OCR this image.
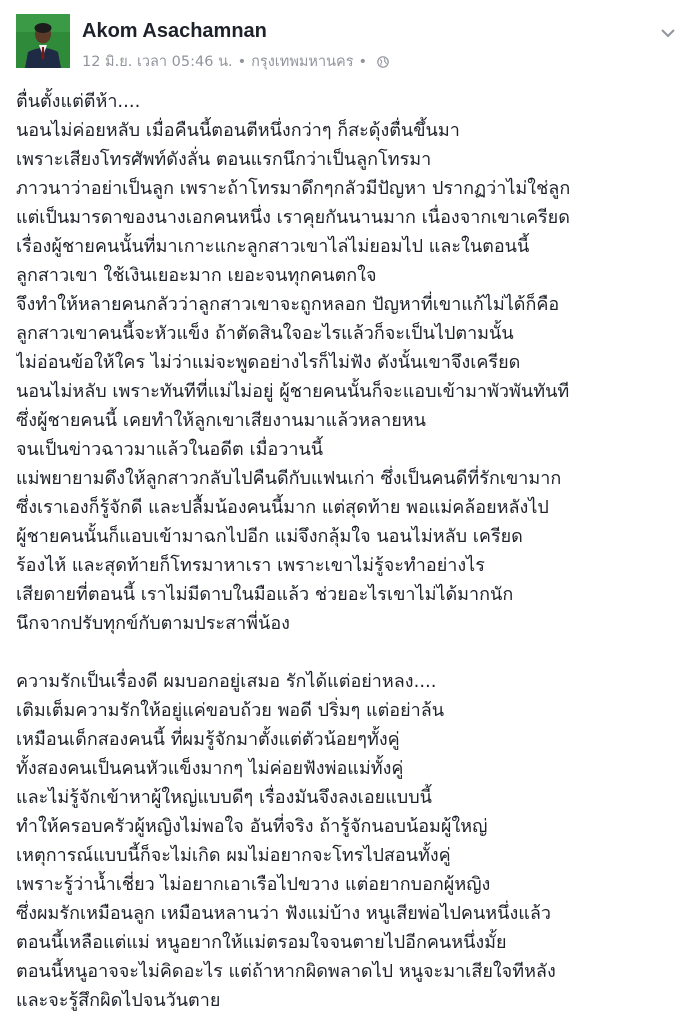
Akom Asachamnan
12 มิ.ย. เวลา 05:46 น. • กรุงเทพมหานคร •
ตื่นตั้งแต่ตีห้า....
นอนไม่ค่อยหลับ เมื่อคืนนี้ตอนตีหนึ่งกว่าๆ ก็สะดุ้งตื่นขึ้นมา
เพราะเสียงโทรศัพท์ดังลั่น ตอนแรกนึกว่าเป็นลูกโทรมา
ภาวนาว่าอย่าเป็นลูก เพราะถ้าโทรมาดึกๆกลัวมีปัญหา ปรากฏว่าไม่ใช่ลูก
แต่เป็นมารดาของนางเอกคนหนึ่ง เราคุยกันนานมาก เนื่องจากเขาเครียด
เรื่องผู้ชายคนนั้นที่มาเกาะแกะลูกสาวเขาไล่ไม่ยอมไป และในตอนนี้
ลูกสาวเขา ใช้เงินเยอะมาก เยอะจนทุกคนตกใจ
จึงทำให้หลายคนกลัวว่าลูกสาวเขาจะถูกหลอก ปัญหาที่เขาแก้ไม่ได้ก็คือ
ลูกสาวเขาคนนี้จะหัวแข็ง ถ้าตัดสินใจอะไรแล้วก็จะเป็นไปตามนั้น
ไม่อ่อนข้อให้ใคร ไม่ว่าแม่จะพูดอย่างไรก็ไม่ฟัง ดังนั้นเขาจึงเครียด
นอนไม่หลับ เพราะทันทีที่แม่ไม่อยู่ ผู้ชายคนนั้นก็จะแอบเข้ามาพัวพันทันที
ซึ่งผู้ชายคนนี้ เคยทำให้ลูกเขาเสียงานมาแล้วหลายหน
จนเป็นข่าวฉาวมาแล้วในอดีต เมื่อวานนี้
แม่พยายามดึงให้ลูกสาวกลับไปคืนดีกับแฟนเก่า ซึ่งเป็นคนดีที่รักเขามาก
ซึ่งเราเองก็รู้จักดี และปลื้มน้องคนนี้มาก แต่สุดท้าย พอแม่คล้อยหลังไป
ผู้ชายคนนั้นก็แอบเข้ามาฉกไปอีก แม่จึงกลุ้มใจ นอนไม่หลับ เครียด
ร้องไห้ และสุดท้ายก็โทรมาหาเรา เพราะเขาไม่รู้จะทำอย่างไร
เสียดายที่ตอนนี้ เราไม่มีดาบในมือแล้ว ช่วยอะไรเขาไม่ได้มากนัก
นึกจากปรับทุกข์กับตามประสาพี่น้อง
ความรักเป็นเรื่องดี ผมบอกอยู่เสมอ รักได้แต่อย่าหลง....
เติมเต็มความรักให้อยู่แค่ขอบถ้วย พอดี ปริ่มๆ แต่อย่าล้น
เหมือนเด็กสองคนนี้ ที่ผมรู้จักมาตั้งแต่ตัวน้อยๆทั้งคู่
ทั้งสองคนเป็นคนหัวแข็งมากๆ ไม่ค่อยฟังพ่อแม่ทั้งคู่
และไม่รู้จักเข้าหาผู้ใหญ่แบบดีๆ เรื่องมันจึงลงเอยแบบนี้
ทำให้ครอบครัวผู้หญิงไม่พอใจ อันที่จริง ถ้ารู้จักนอบน้อมผู้ใหญ่
เหตุการณ์แบบนี้ก็จะไม่เกิด ผมไม่อยากจะโทรไปสอนทั้งคู่
เพราะรู้ว่าน้ำเชี่ยว ไม่อยากเอาเรือไปขวาง แต่อยากบอกผู้หญิง
ซึ่งผมรักเหมือนลูก เหมือนหลานว่า ฟังแม่บ้าง หนูเสียพ่อไปคนหนึ่งแล้ว
ตอนนี้เหลือแต่แม่ หนูอยากให้แม่ตรอมใจจนตายไปอีกคนหนึ่งมั้ย
ตอนนี้หนูอาจจะไม่คิดอะไร แต่ถ้าหากผิดพลาดไป หนูจะมาเสียใจทีหลัง
และจะรู้สึกผิดไปจนวันตาย
